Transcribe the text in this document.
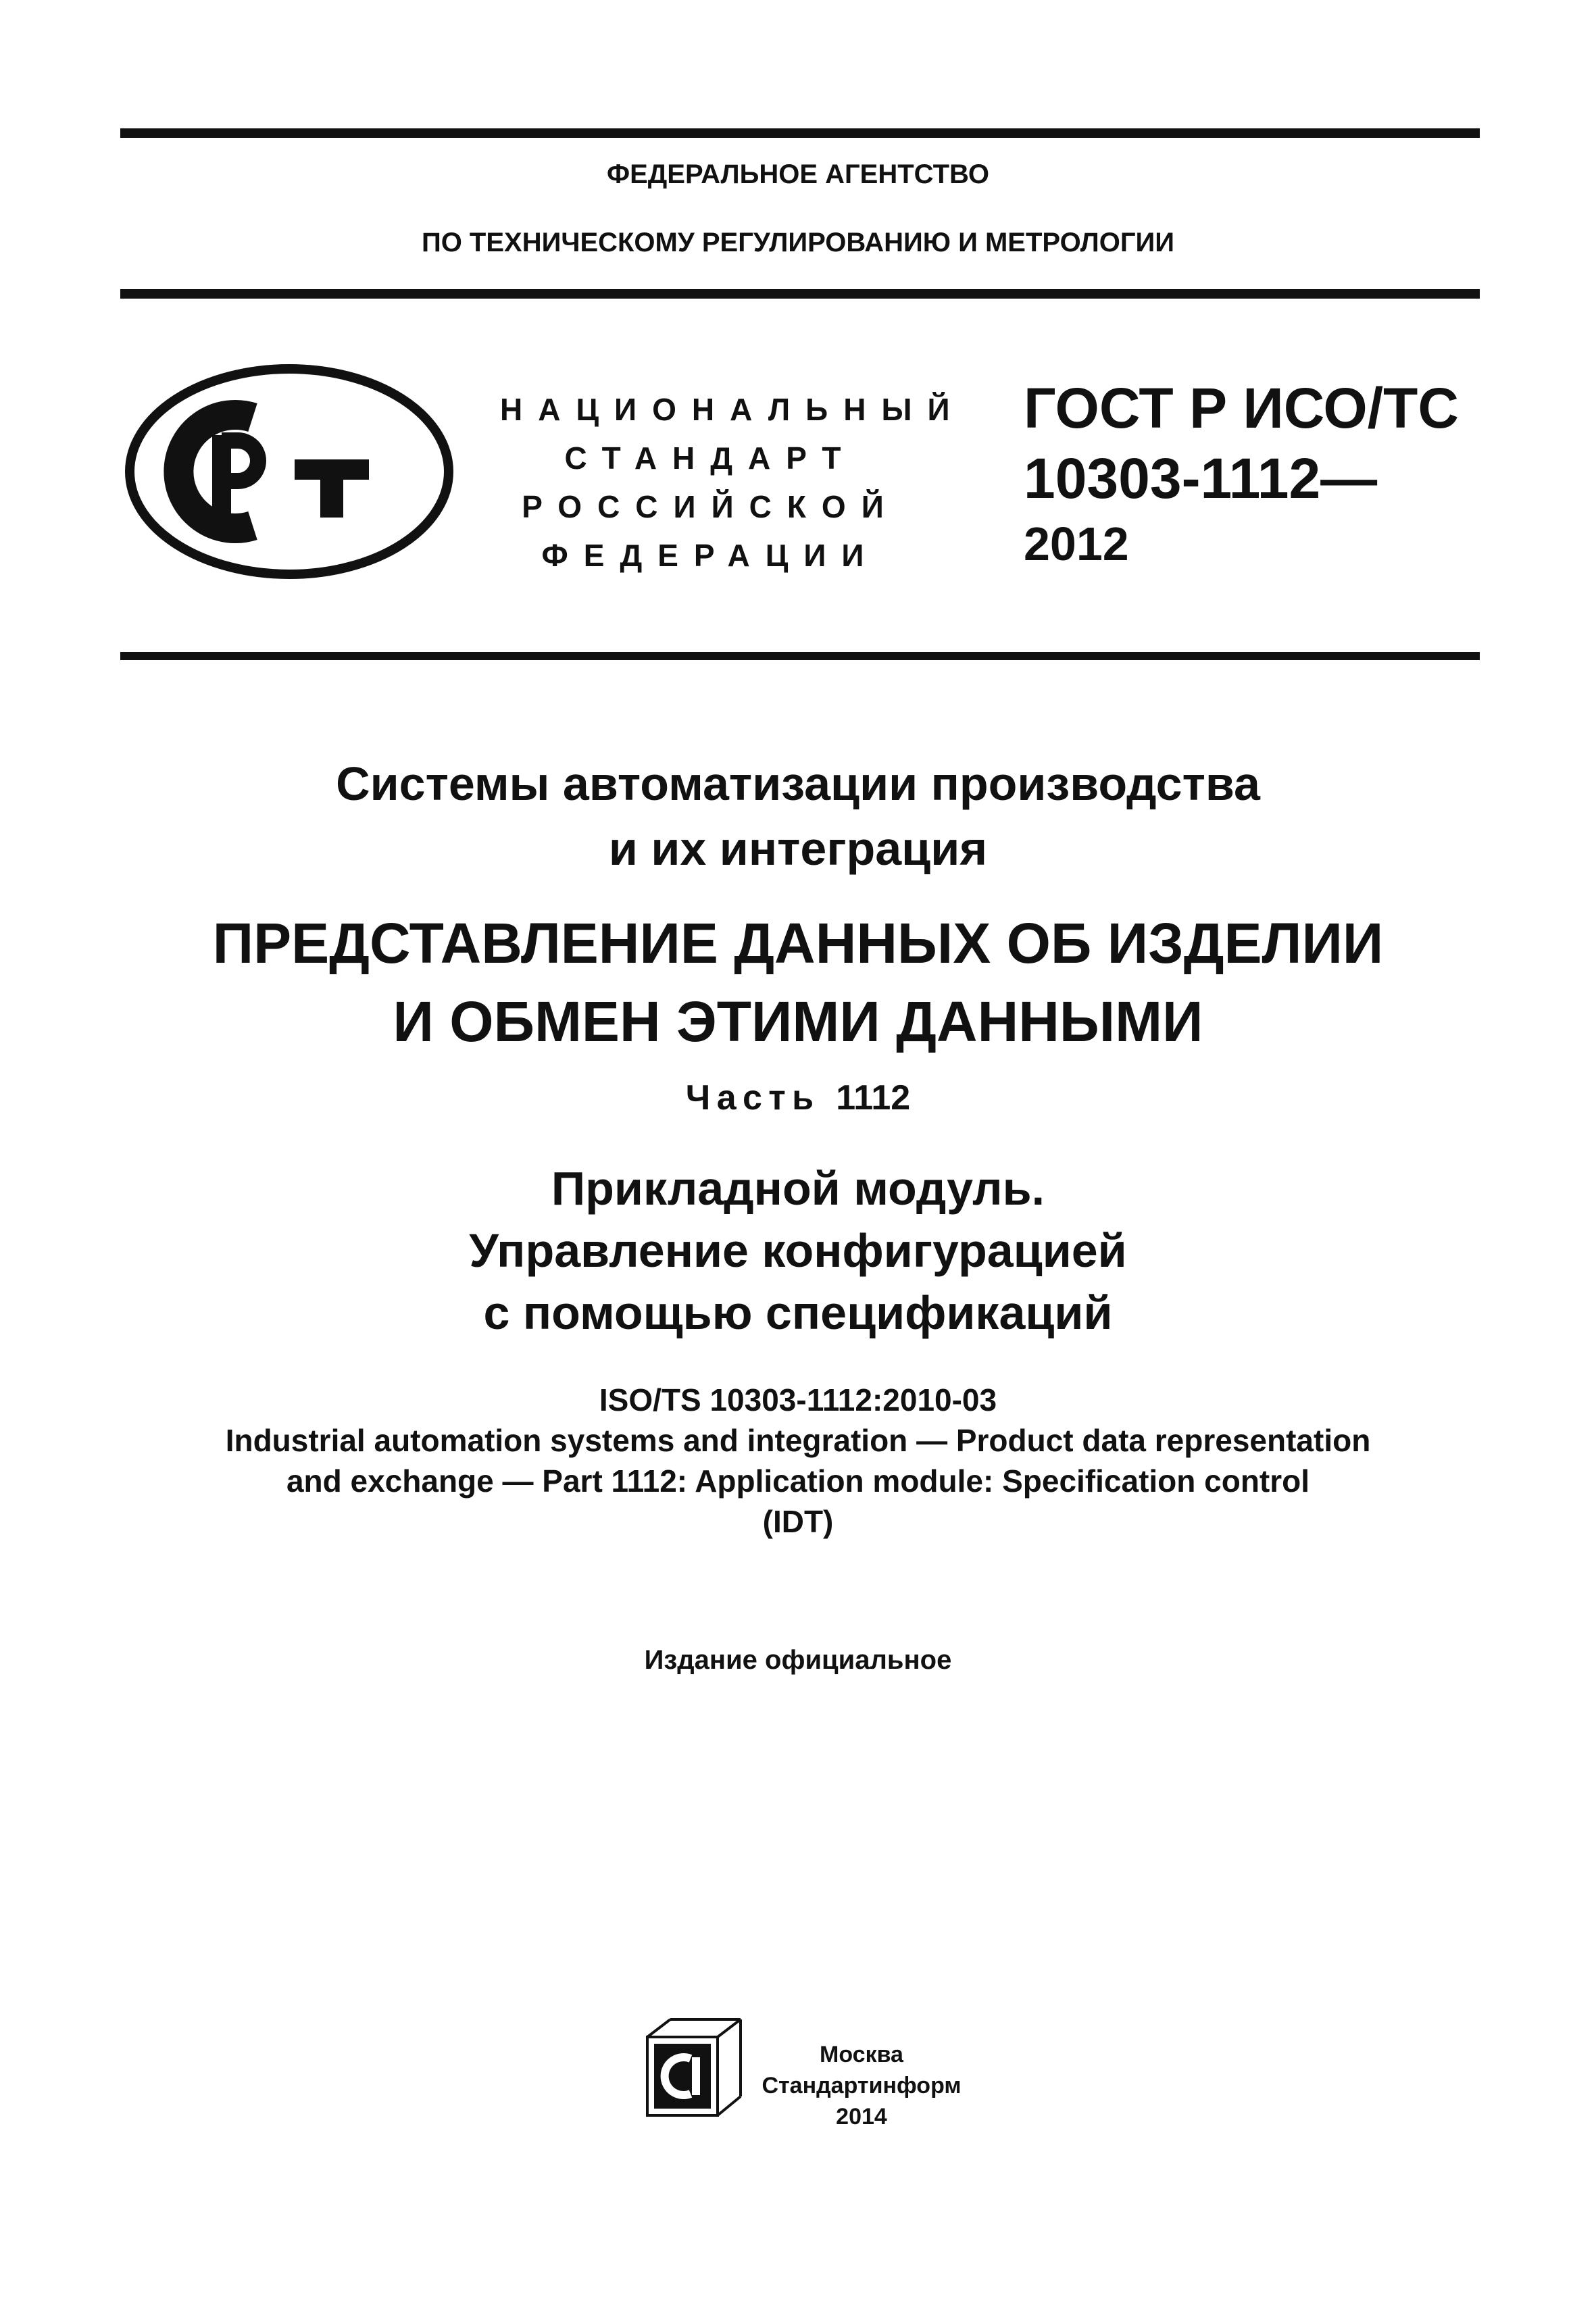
ФЕДЕРАЛЬНОЕ АГЕНТСТВО
ПО ТЕХНИЧЕСКОМУ РЕГУЛИРОВАНИЮ И МЕТРОЛОГИИ
НАЦИОНАЛЬНЫЙ
СТАНДАРТ
РОССИЙСКОЙ
ФЕДЕРАЦИИ
ГОСТ Р ИСО/ТС
10303-1112—
2012
Системы автоматизации производства
и их интеграция
ПРЕДСТАВЛЕНИЕ ДАННЫХ ОБ ИЗДЕЛИИ
И ОБМЕН ЭТИМИ ДАННЫМИ
Часть 1112
Прикладной модуль.
Управление конфигурацией
с помощью спецификаций
ISO/TS 10303-1112:2010-03
Industrial automation systems and integration — Product data representation
and exchange — Part 1112: Application module: Specification control
(IDT)
Издание официальное
Москва
Стандартинформ
2014
